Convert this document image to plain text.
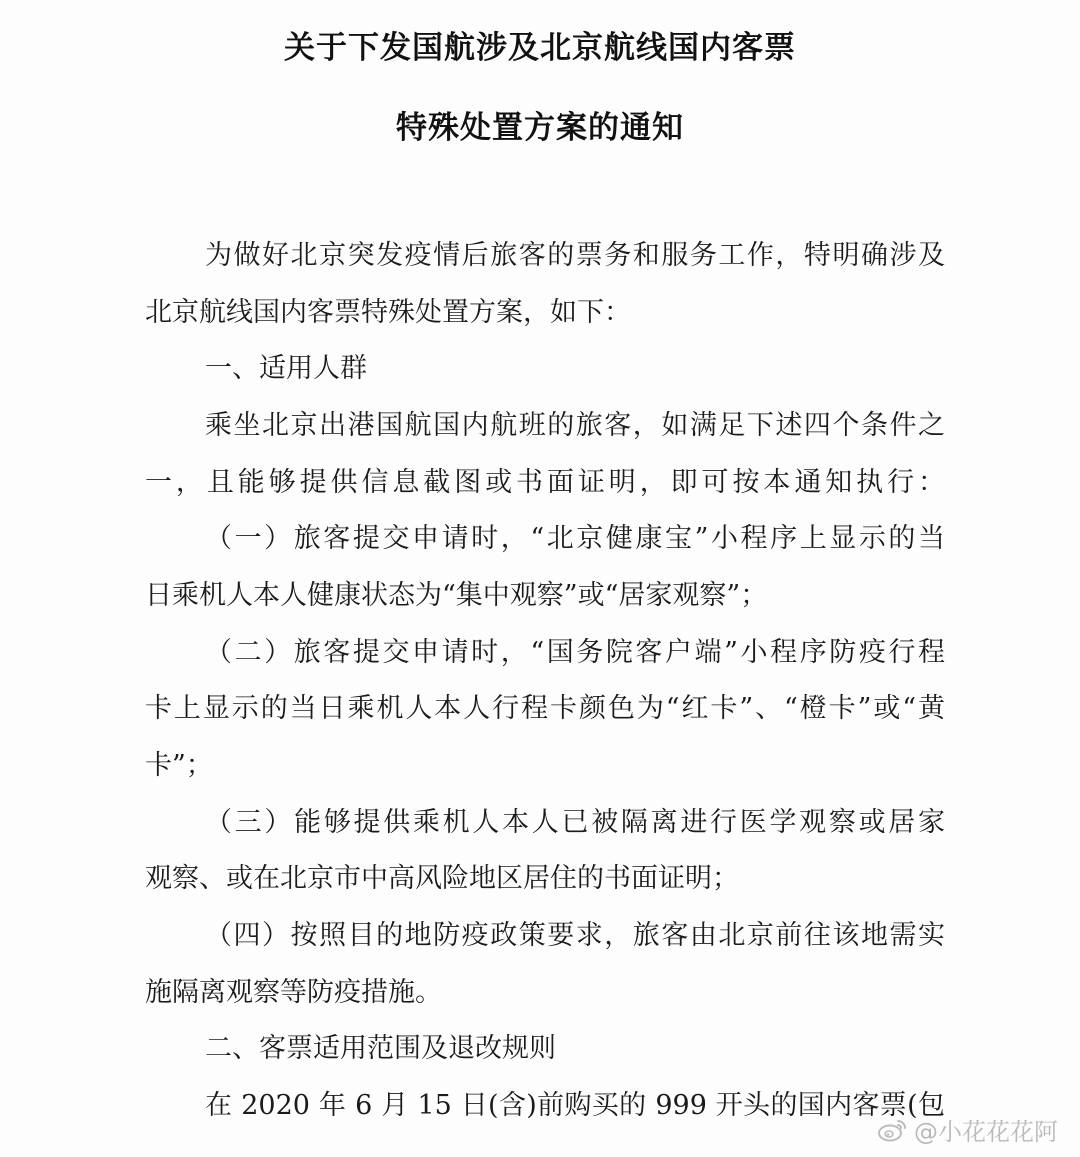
关于下发国航涉及北京航线国内客票
特殊处置方案的通知
为做好北京突发疫情后旅客的票务和服务工作，特明确涉及
北京航线国内客票特殊处置方案，如下：
一、适用人群
乘坐北京出港国航国内航班的旅客，如满足下述四个条件之
一，且能够提供信息截图或书面证明，即可按本通知执行：
（一）旅客提交申请时，“北京健康宝”小程序上显示的当
日乘机人本人健康状态为“集中观察”或“居家观察”；
（二）旅客提交申请时，“国务院客户端”小程序防疫行程
卡上显示的当日乘机人本人行程卡颜色为“红卡”、“橙卡”或“黄
卡”；
（三）能够提供乘机人本人已被隔离进行医学观察或居家
观察、或在北京市中高风险地区居住的书面证明；
（四）按照目的地防疫政策要求，旅客由北京前往该地需实
施隔离观察等防疫措施。
二、客票适用范围及退改规则
在 2020 年 6 月 15 日(含)前购买的 999 开头的国内客票(包
@小花花花阿
